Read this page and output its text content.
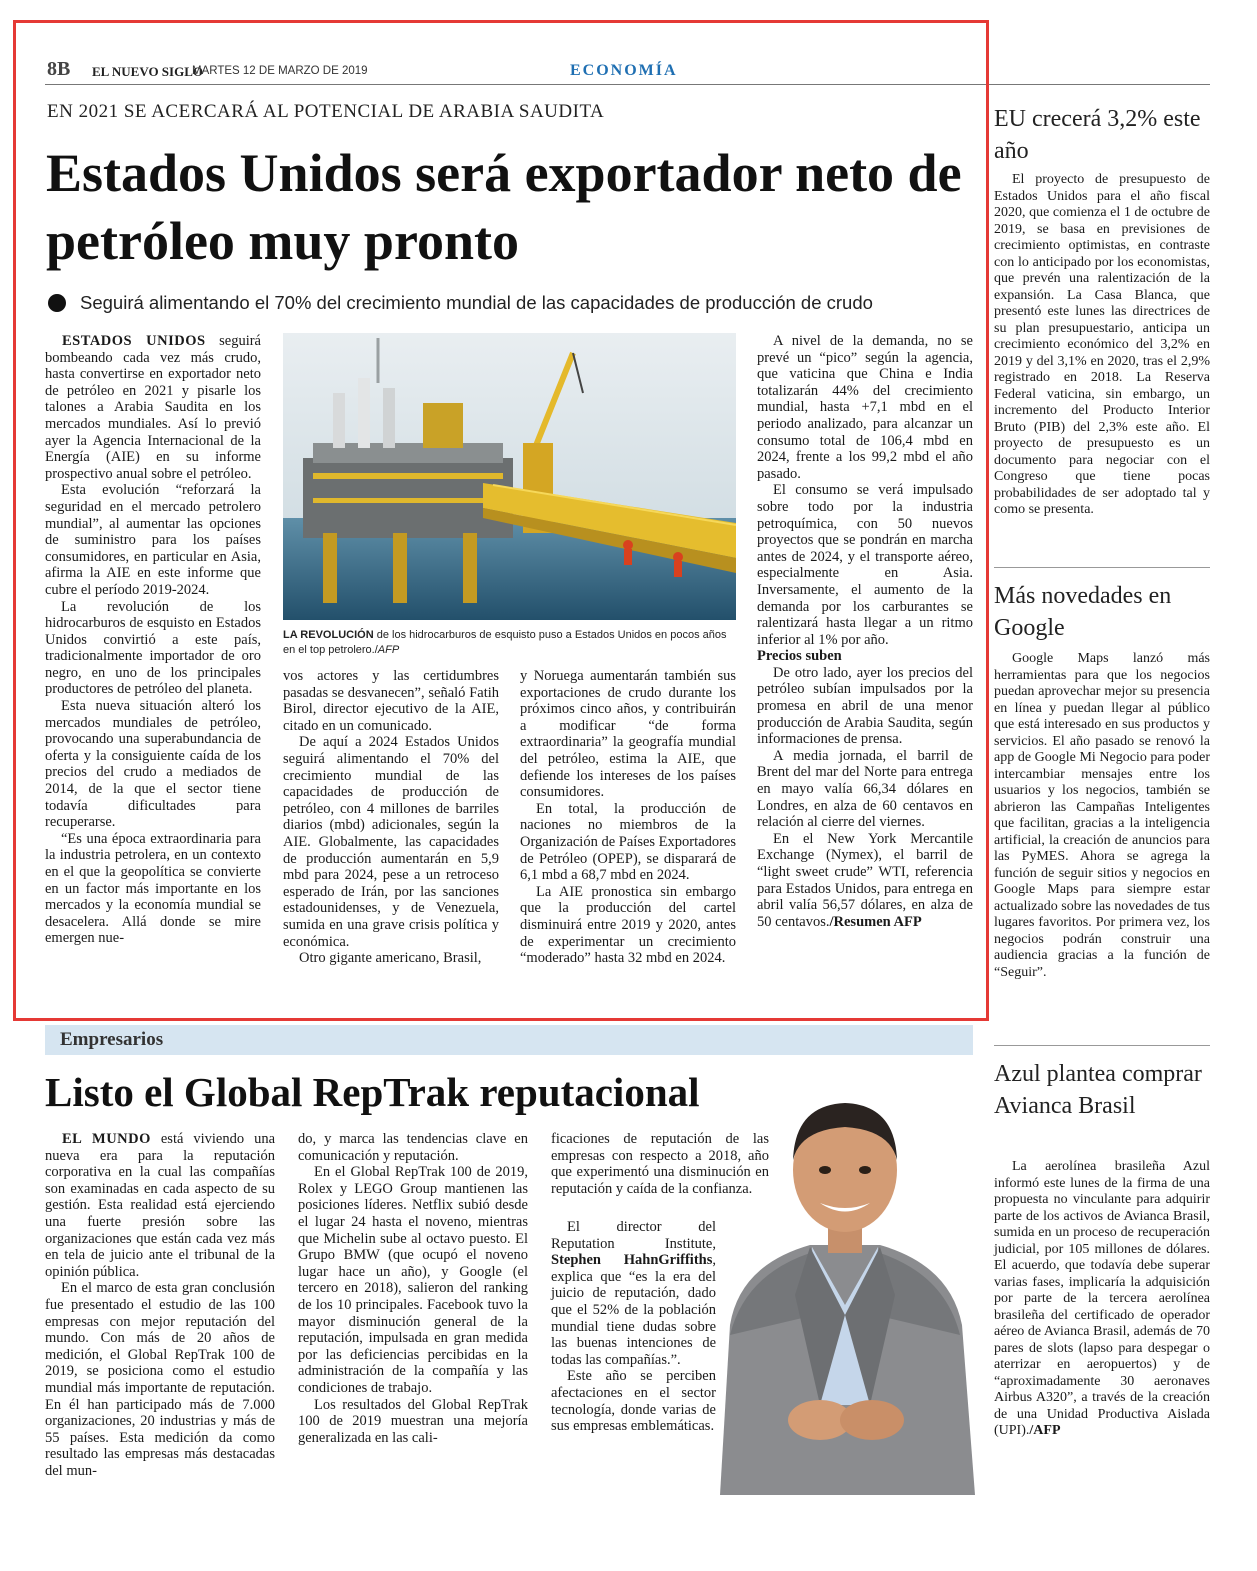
8B EL NUEVO SIGLO
MARTES 12 DE MARZO DE 2019	ECONOMÍA
EN 2021 SE ACERCARÁ AL POTENCIAL DE ARABIA SAUDITA
Estados Unidos será exportador neto de petróleo muy pronto
Seguirá alimentando el 70% del crecimiento mundial de las capacidades de producción de crudo

ESTADOS UNIDOS seguirá bombeando cada vez más crudo, hasta convertirse en exportador neto de petróleo en 2021 y pisarle los talones a Arabia Saudita en los mercados mundiales. Así lo previó ayer la Agencia Internacional de la Energía (AIE) en su informe prospectivo anual sobre el petróleo.

Esta evolución “reforzará la seguridad en el mercado petrolero mundial”, al aumentar las opciones de suministro para los países consumidores, en particular en Asia, afirma la AIE en este informe que cubre el período 2019-2024.

La revolución de los hidrocarburos de esquisto en Estados Unidos convirtió a este país, tradicionalmente importador de oro negro, en uno de los principales productores de petróleo del planeta.

Esta nueva situación alteró los mercados mundiales de petróleo, provocando una superabundancia de oferta y la consiguiente caída de los precios del crudo a mediados de 2014, de la que el sector tiene todavía dificultades para recuperarse.

“Es una época extraordinaria para la industria petrolera, en un contexto en el que la geopolítica se convierte en un factor más importante en los mercados y la economía mundial se desacelera. Allá donde se mire emergen nue-

LA REVOLUCIÓN de los hidrocarburos de esquisto puso a Estados Unidos en pocos años en el top petrolero./AFP

vos actores y las certidumbres pasadas se desvanecen”, señaló Fatih Birol, director ejecutivo de la AIE, citado en un comunicado.

De aquí a 2024 Estados Unidos seguirá alimentando el 70% del crecimiento mundial de las capacidades de producción de petróleo, con 4 millones de barriles diarios (mbd) adicionales, según la AIE. Globalmente, las capacidades de producción aumentarán en 5,9 mbd para 2024, pese a un retroceso esperado de Irán, por las sanciones estadounidenses, y de Venezuela, sumida en una grave crisis política y económica.

Otro gigante americano, Brasil,

y Noruega aumentarán también sus exportaciones de crudo durante los próximos cinco años, y contribuirán a modificar “de forma extraordinaria” la geografía mundial del petróleo, estima la AIE, que defiende los intereses de los países consumidores.

En total, la producción de naciones no miembros de la Organización de Países Exportadores de Petróleo (OPEP), se disparará de 6,1 mbd a 68,7 mbd en 2024.

La AIE pronostica sin embargo que la producción del cartel disminuirá entre 2019 y 2020, antes de experimentar un crecimiento “moderado” hasta 32 mbd en 2024.

A nivel de la demanda, no se prevé un “pico” según la agencia, que vaticina que China e India totalizarán 44% del crecimiento mundial, hasta +7,1 mbd en el periodo analizado, para alcanzar un consumo total de 106,4 mbd en 2024, frente a los 99,2 mbd el año pasado.

El consumo se verá impulsado sobre todo por la industria petroquímica, con 50 nuevos proyectos que se pondrán en marcha antes de 2024, y el transporte aéreo, especialmente en Asia. Inversamente, el aumento de la demanda por los carburantes se ralentizará hasta llegar a un ritmo inferior al 1% por año.

Precios suben

De otro lado, ayer los precios del petróleo subían impulsados por la promesa en abril de una menor producción de Arabia Saudita, según informaciones de prensa.

A media jornada, el barril de Brent del mar del Norte para entrega en mayo valía 66,34 dólares en Londres, en alza de 60 centavos en relación al cierre del viernes.

En el New York Mercantile Exchange (Nymex), el barril de “light sweet crude” WTI, referencia para Estados Unidos, para entrega en abril valía 56,57 dólares, en alza de 50 centavos./Resumen AFP

EU crecerá 3,2% este año

El proyecto de presupuesto de Estados Unidos para el año fiscal 2020, que comienza el 1 de octubre de 2019, se basa en previsiones de crecimiento optimistas, en contraste con lo anticipado por los economistas, que prevén una ralentización de la expansión. La Casa Blanca, que presentó este lunes las directrices de su plan presupuestario, anticipa un crecimiento económico del 3,2% en 2019 y del 3,1% en 2020, tras el 2,9% registrado en 2018. La Reserva Federal vaticina, sin embargo, un incremento del Producto Interior Bruto (PIB) del 2,3% este año. El proyecto de presupuesto es un documento para negociar con el Congreso que tiene pocas probabilidades de ser adoptado tal y como se presenta.

Más novedades en Google

Google Maps lanzó más herramientas para que los negocios puedan aprovechar mejor su presencia en línea y puedan llegar al público que está interesado en sus productos y servicios. El año pasado se renovó la app de Google Mi Negocio para poder intercambiar mensajes entre los usuarios y los negocios, también se abrieron las Campañas Inteligentes que facilitan, gracias a la inteligencia artificial, la creación de anuncios para las PyMES. Ahora se agrega la función de seguir sitios y negocios en Google Maps para siempre estar actualizado sobre las novedades de tus lugares favoritos. Por primera vez, los negocios podrán construir una audiencia gracias a la función de “Seguir”.

Azul plantea comprar Avianca Brasil

La aerolínea brasileña Azul informó este lunes de la firma de una propuesta no vinculante para adquirir parte de los activos de Avianca Brasil, sumida en un proceso de recuperación judicial, por 105 millones de dólares. El acuerdo, que todavía debe superar varias fases, implicaría la adquisición por parte de la tercera aerolínea brasileña del certificado de operador aéreo de Avianca Brasil, además de 70 pares de slots (lapso para despegar o aterrizar en aeropuertos) y de “aproximadamente 30 aeronaves Airbus A320”, a través de la creación de una Unidad Productiva Aislada (UPI)./AFP

Empresarios
Listo el Global RepTrak reputacional

EL MUNDO está viviendo una nueva era para la reputación corporativa en la cual las compañías son examinadas en cada aspecto de su gestión. Esta realidad está ejerciendo una fuerte presión sobre las organizaciones que están cada vez más en tela de juicio ante el tribunal de la opinión pública.

En el marco de esta gran conclusión fue presentado el estudio de las 100 empresas con mejor reputación del mundo. Con más de 20 años de medición, el Global RepTrak 100 de 2019, se posiciona como el estudio mundial más importante de reputación. En él han participado más de 7.000 organizaciones, 20 industrias y más de 55 países. Esta medición da como resultado las empresas más destacadas del mun-

do, y marca las tendencias clave en comunicación y reputación.

En el Global RepTrak 100 de 2019, Rolex y LEGO Group mantienen las posiciones líderes. Netflix subió desde el lugar 24 hasta el noveno, mientras que Michelin sube al octavo puesto. El Grupo BMW (que ocupó el noveno lugar hace un año), y Google (el tercero en 2018), salieron del ranking de los 10 principales. Facebook tuvo la mayor disminución general de la reputación, impulsada en gran medida por las deficiencias percibidas en la administración de la compañía y las condiciones de trabajo.

Los resultados del Global RepTrak 100 de 2019 muestran una mejoría generalizada en las cali-

ficaciones de reputación de las empresas con respecto a 2018, año que experimentó una disminución en reputación y caída de la confianza.

El director del Reputation Institute, Stephen HahnGriffiths, explica que “es la era del juicio de reputación, dado que el 52% de la población mundial tiene dudas sobre las buenas intenciones de todas las compañías.”.

Este año se perciben afectaciones en el sector tecnología, donde varias de sus empresas emblemáticas.
